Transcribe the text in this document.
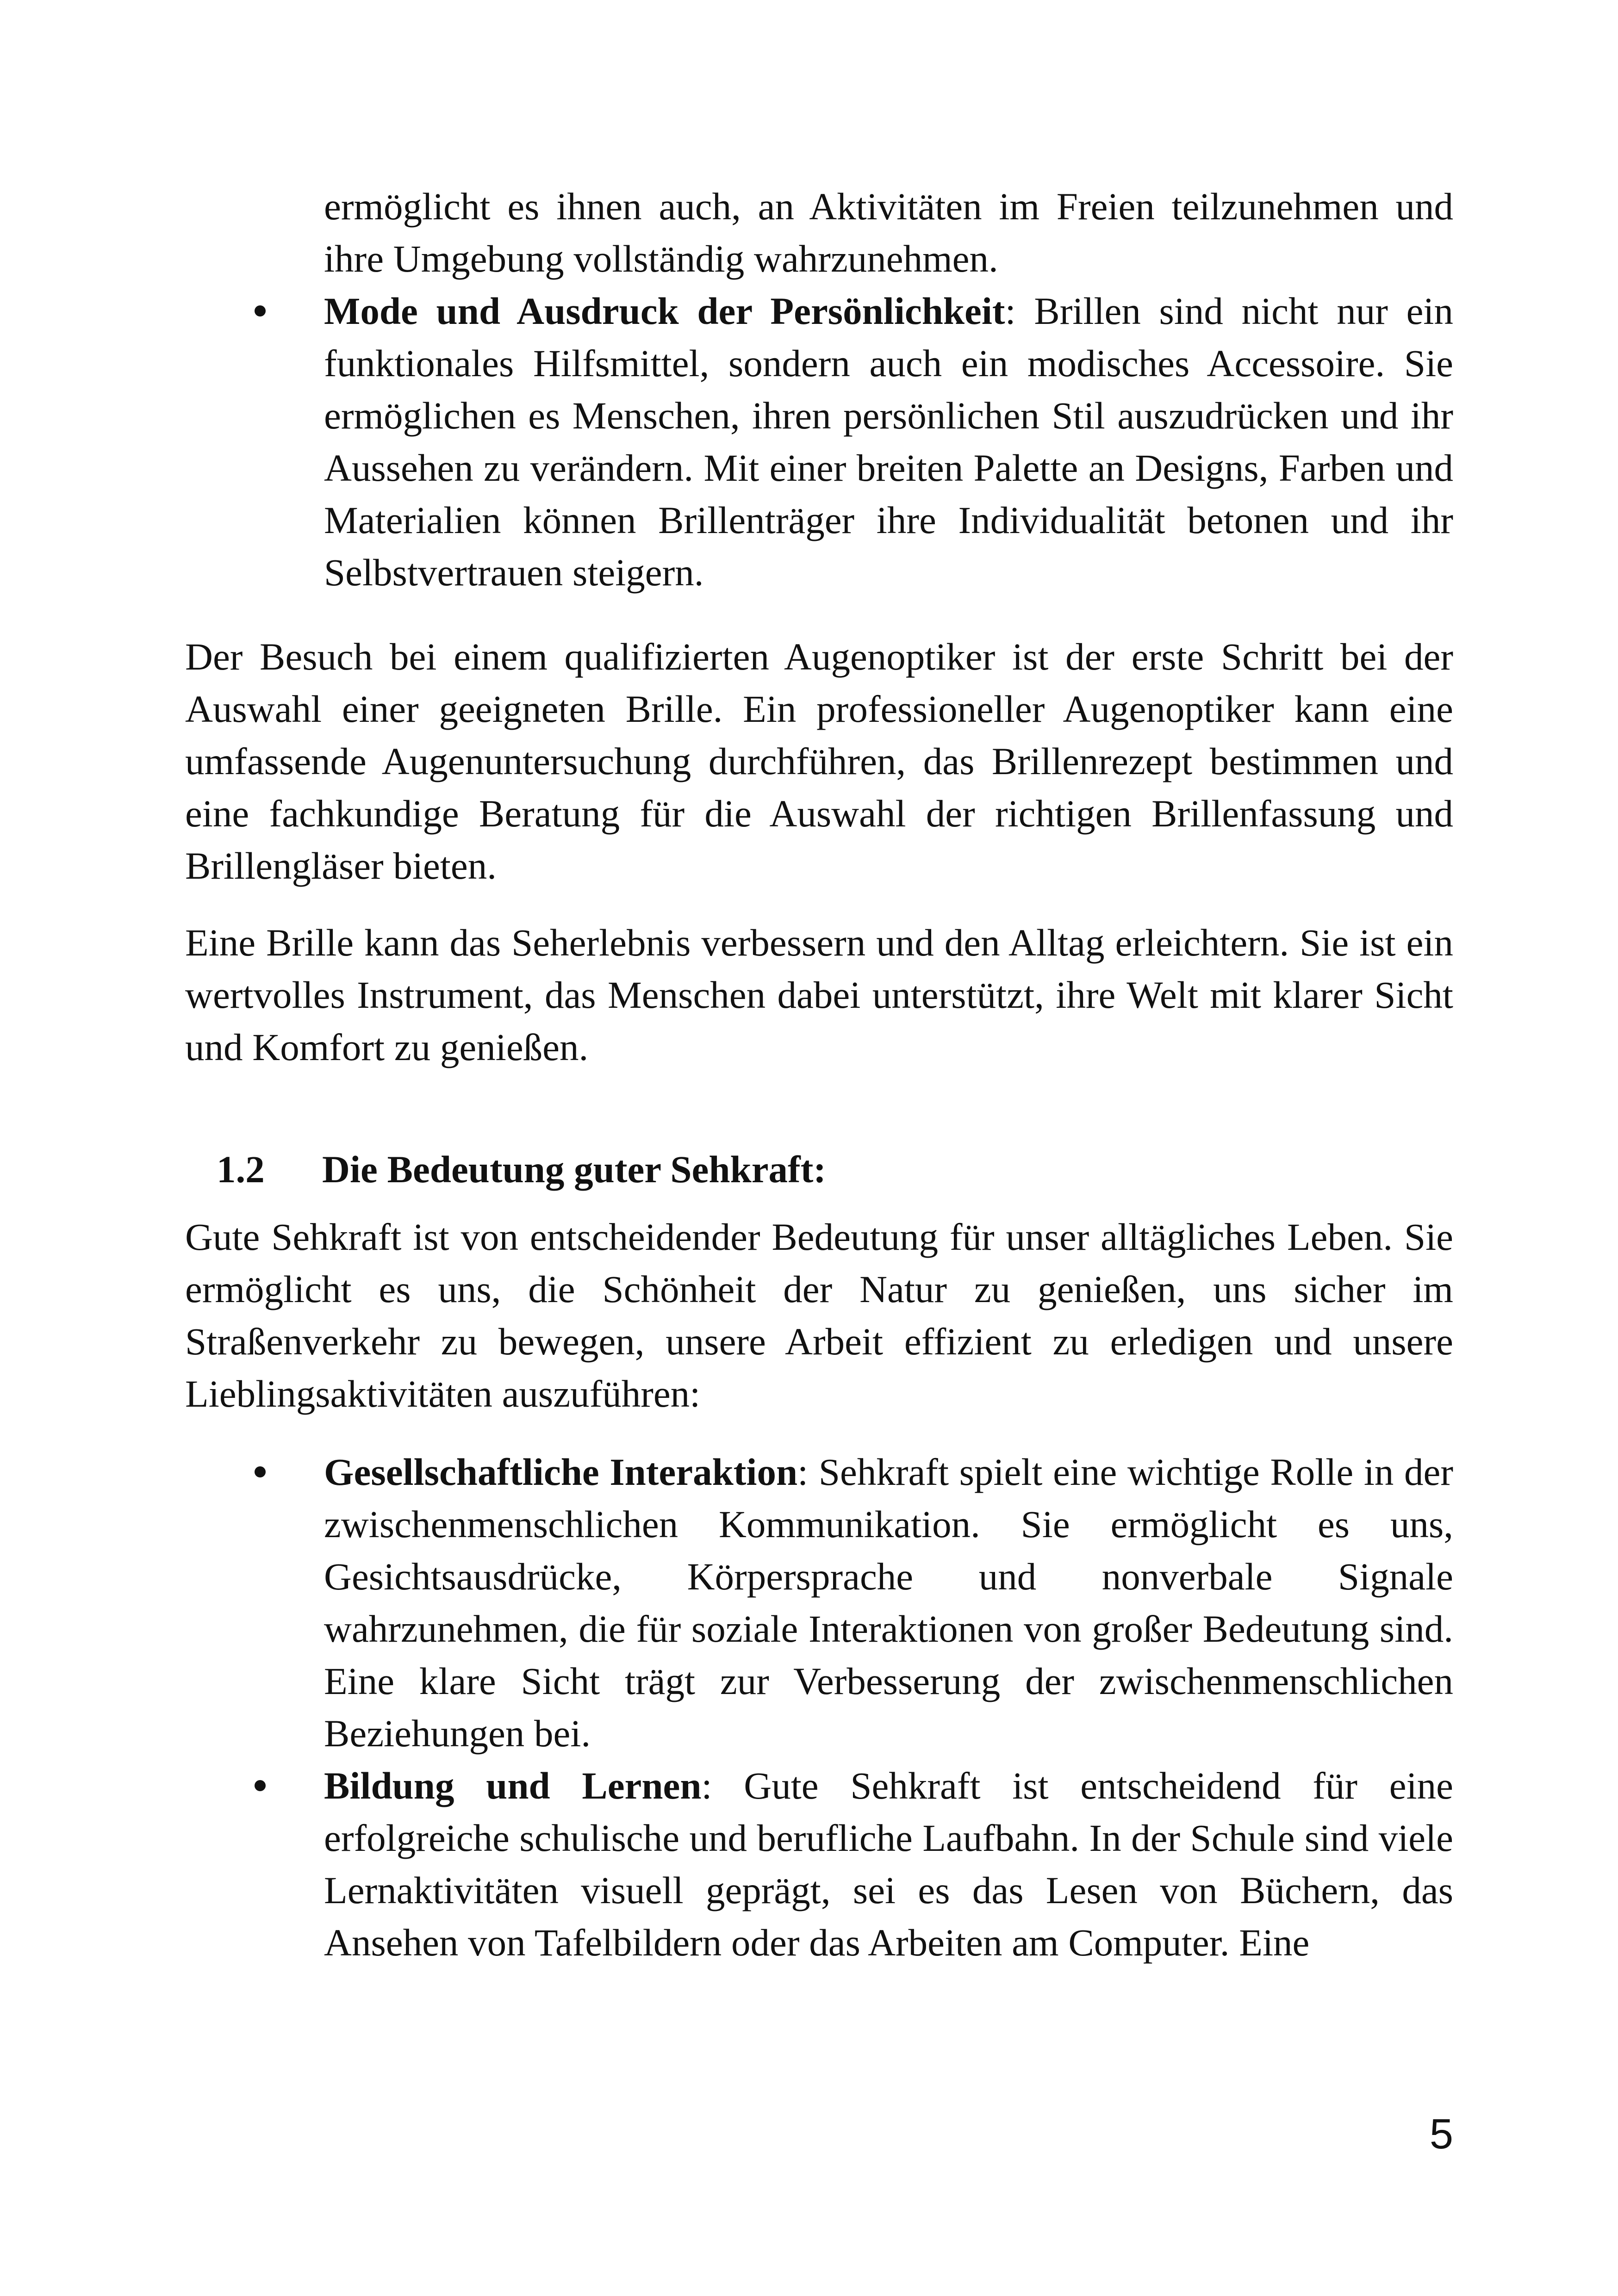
ermöglicht es ihnen auch, an Aktivitäten im Freien teilzunehmen und ihre Umgebung vollständig wahrzunehmen.
Mode und Ausdruck der Persönlichkeit: Brillen sind nicht nur ein funktionales Hilfsmittel, sondern auch ein modisches Accessoire. Sie ermöglichen es Menschen, ihren persönlichen Stil auszudrücken und ihr Aussehen zu verändern. Mit einer breiten Palette an Designs, Farben und Materialien können Brillenträger ihre Individualität betonen und ihr Selbstvertrauen steigern.
Der Besuch bei einem qualifizierten Augenoptiker ist der erste Schritt bei der Auswahl einer geeigneten Brille. Ein professioneller Augenoptiker kann eine umfassende Augenuntersuchung durchführen, das Brillenrezept bestimmen und eine fachkundige Beratung für die Auswahl der richtigen Brillenfassung und Brillengläser bieten.
Eine Brille kann das Seherlebnis verbessern und den Alltag erleichtern. Sie ist ein wertvolles Instrument, das Menschen dabei unterstützt, ihre Welt mit klarer Sicht und Komfort zu genießen.
1.2 Die Bedeutung guter Sehkraft:
Gute Sehkraft ist von entscheidender Bedeutung für unser alltägliches Leben. Sie ermöglicht es uns, die Schönheit der Natur zu genießen, uns sicher im Straßenverkehr zu bewegen, unsere Arbeit effizient zu erledigen und unsere Lieblingsaktivitäten auszuführen:
Gesellschaftliche Interaktion: Sehkraft spielt eine wichtige Rolle in der zwischenmenschlichen Kommunikation. Sie ermöglicht es uns, Gesichtsausdrücke, Körpersprache und nonverbale Signale wahrzunehmen, die für soziale Interaktionen von großer Bedeutung sind. Eine klare Sicht trägt zur Verbesserung der zwischenmenschlichen Beziehungen bei.
Bildung und Lernen: Gute Sehkraft ist entscheidend für eine erfolgreiche schulische und berufliche Laufbahn. In der Schule sind viele Lernaktivitäten visuell geprägt, sei es das Lesen von Büchern, das Ansehen von Tafelbildern oder das Arbeiten am Computer. Eine
5
